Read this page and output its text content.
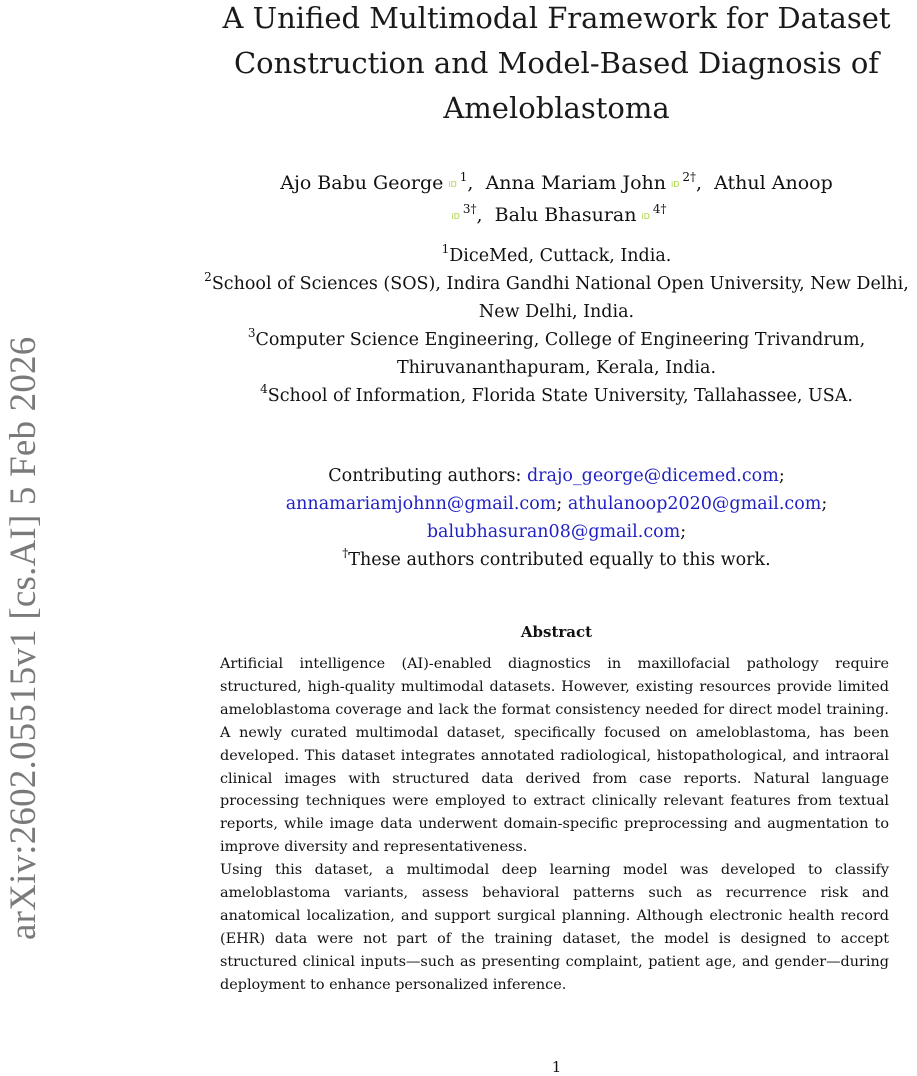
arXiv:2602.05515v1 [cs.AI] 5 Feb 2026
A Unified Multimodal Framework for Dataset Construction and Model-Based Diagnosis of Ameloblastoma
Ajo Babu George $iD^1$, Anna Mariam John $iD^{2\dagger}$, Athul Anoop
$iD^{3\dagger}$, Balu Bhasuran $iD^{4\dagger}$
$^1$DiceMed, Cuttack, India.
$^2$School of Sciences (SOS), Indira Gandhi National Open University, New Delhi, New Delhi, India.
$^3$Computer Science Engineering, College of Engineering Trivandrum, Thiruvananthapuram, Kerala, India.
$^4$School of Information, Florida State University, Tallahassee, USA.
Contributing authors: drajo_george@dicemed.com;
annamariamjohnn@gmail.com; athulanoop2020@gmail.com;
balubhasuran08@gmail.com;
†These authors contributed equally to this work.
Abstract

Artificial intelligence (AI)-enabled diagnostics in maxillofacial pathology require structured, high-quality multimodal datasets. However, existing resources provide limited ameloblastoma coverage and lack the format consistency needed for direct model training. A newly curated multimodal dataset, specifically focused on ameloblastoma, has been developed. This dataset integrates annotated radiological, histopathological, and intraoral clinical images with structured data derived from case reports. Natural language processing techniques were employed to extract clinically relevant features from textual reports, while image data underwent domain-specific preprocessing and augmentation to improve diversity and representativeness.

Using this dataset, a multimodal deep learning model was developed to classify ameloblastoma variants, assess behavioral patterns such as recurrence risk and anatomical localization, and support surgical planning. Although electronic health record (EHR) data were not part of the training dataset, the model is designed to accept structured clinical inputs—such as presenting complaint, patient age, and gender—during deployment to enhance personalized inference.

1
